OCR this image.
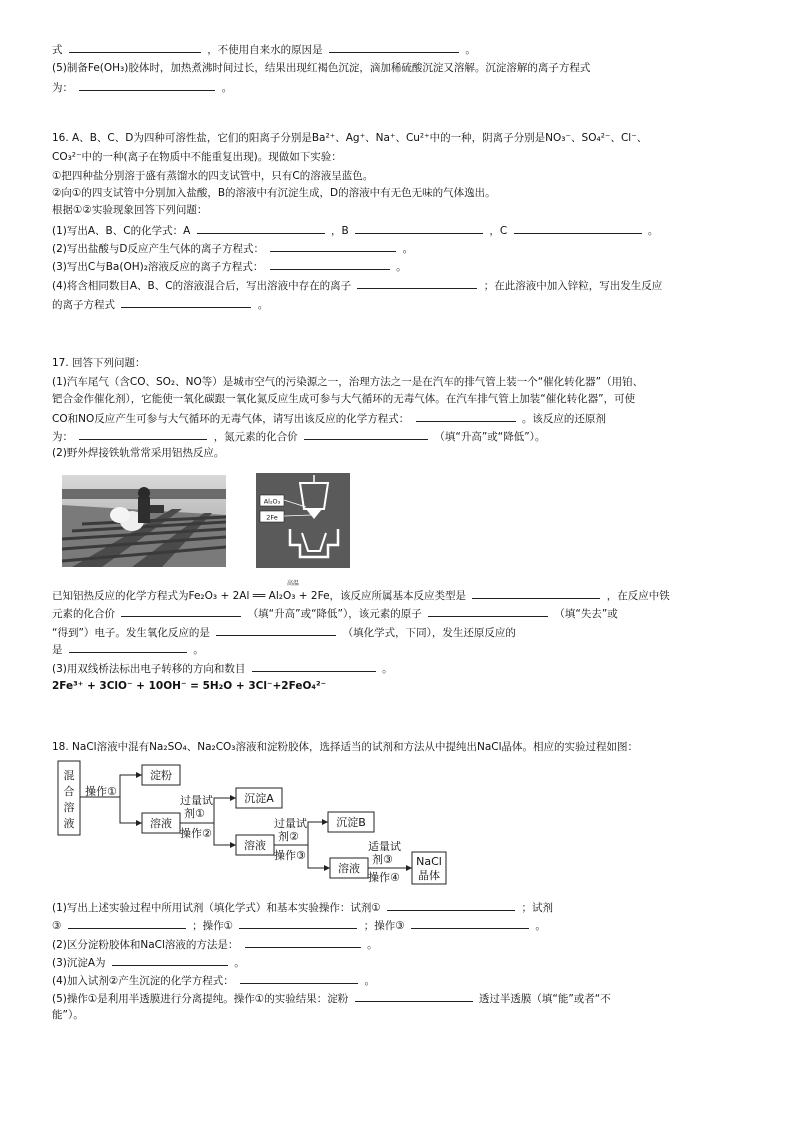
式	，不使用自来水的原因是	。
(5)制备Fe(OH₃)胶体时，加热煮沸时间过长，结果出现红褐色沉淀，滴加稀硫酸沉淀又溶解。沉淀溶解的离子方程式
为：	。
16. A、B、C、D为四种可溶性盐，它们的阳离子分别是Ba²⁺、Ag⁺、Na⁺、Cu²⁺中的一种，阴离子分别是NO₃⁻、SO₄²⁻、Cl⁻、
CO₃²⁻中的一种(离子在物质中不能重复出现)。现做如下实验：
①把四种盐分别溶于盛有蒸馏水的四支试管中，只有C的溶液呈蓝色。
②向①的四支试管中分别加入盐酸，B的溶液中有沉淀生成，D的溶液中有无色无味的气体逸出。
根据①②实验现象回答下列问题：
(1)写出A、B、C的化学式：A	，B	，C	。
(2)写出盐酸与D反应产生气体的离子方程式：	。
(3)写出C与Ba(OH)₂溶液反应的离子方程式：	。
(4)将含相同数目A、B、C的溶液混合后，写出溶液中存在的离子	；在此溶液中加入锌粒，写出发生反应
的离子方程式	。
17. 回答下列问题：
(1)汽车尾气（含CO、SO₂、NO等）是城市空气的污染源之一，治理方法之一是在汽车的排气管上装一个“催化转化器”（用铂、
钯合金作催化剂），它能使一氧化碳跟一氧化氮反应生成可参与大气循环的无毒气体。在汽车排气管上加装“催化转化器”，可使
CO和NO反应产生可参与大气循环的无毒气体，请写出该反应的化学方程式：	。该反应的还原剂
为：	，氮元素的化合价	（填“升高”或“降低”）。
(2)野外焊接铁轨常常采用铝热反应。
Al₂O₃
2Fe
已知铝热反应的化学方程式为Fe₂O₃ + 2Al ══ Al₂O₃ + 2Fe，该反应所属基本反应类型是	，在反应中铁
高温
元素的化合价	（填“升高”或“降低”），该元素的原子	（填“失去”或
“得到”）电子。发生氧化反应的是	（填化学式，下同），发生还原反应的
是	。
(3)用双线桥法标出电子转移的方向和数目	。
2Fe³⁺ + 3ClO⁻ + 10OH⁻ = 5H₂O + 3Cl⁻+2FeO₄²⁻
18. NaCl溶液中混有Na₂SO₄、Na₂CO₃溶液和淀粉胶体，选择适当的试剂和方法从中提纯出NaCl晶体。相应的实验过程如图：
混
合
溶
液
操作①
淀粉
溶液
过量试
剂①
操作②
沉淀A
溶液
过量试
剂②
操作③
沉淀B
溶液
适量试
剂③
操作④
NaCl
晶体
(1)写出上述实验过程中所用试剂（填化学式）和基本实验操作：试剂①	；试剂
③	；操作①	；操作③	。
(2)区分淀粉胶体和NaCl溶液的方法是：	。
(3)沉淀A为	。
(4)加入试剂②产生沉淀的化学方程式：	。
(5)操作①是利用半透膜进行分离提纯。操作①的实验结果：淀粉	透过半透膜（填“能”或者“不
能”）。
